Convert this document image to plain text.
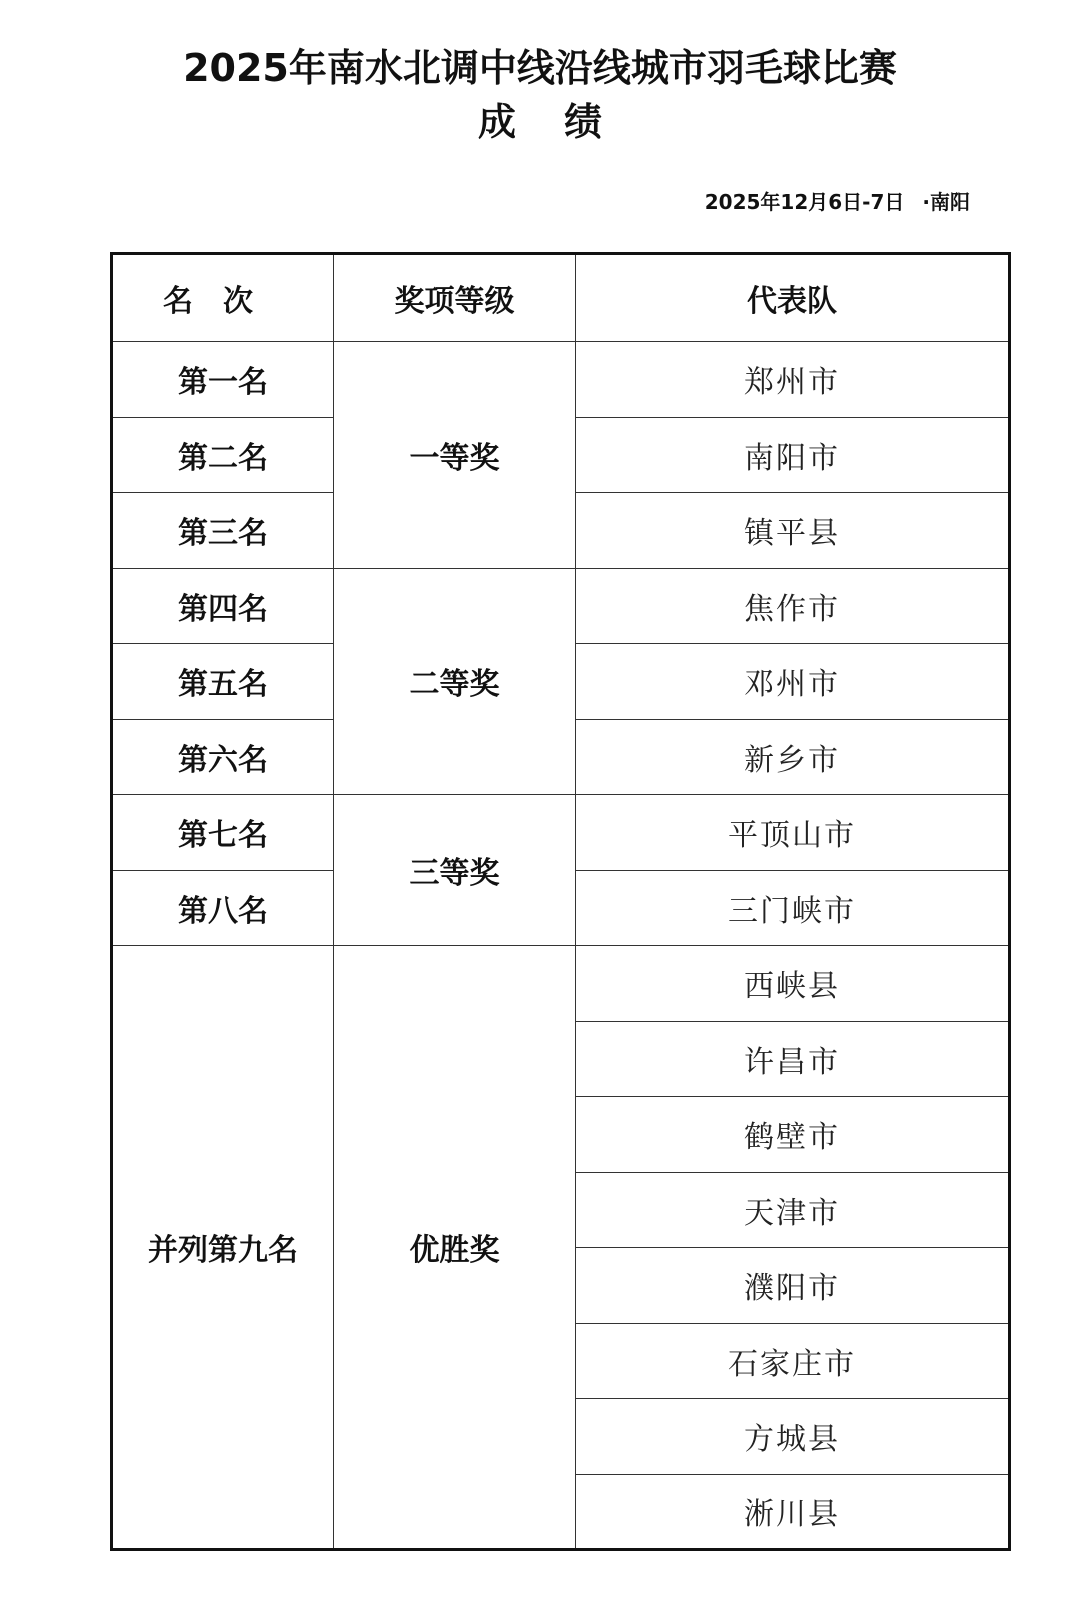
2025年南水北调中线沿线城市羽毛球比赛
成绩
2025年12月6日-7日 ·南阳
名次	奖项等级	代表队
第一名	一等奖	郑州市
第二名		南阳市
第三名		镇平县
第四名	二等奖	焦作市
第五名		邓州市
第六名		新乡市
第七名	三等奖	平顶山市
第八名		三门峡市
并列第九名	优胜奖	西峡县
		许昌市
		鹤壁市
		天津市
		濮阳市
		石家庄市
		方城县
		淅川县
